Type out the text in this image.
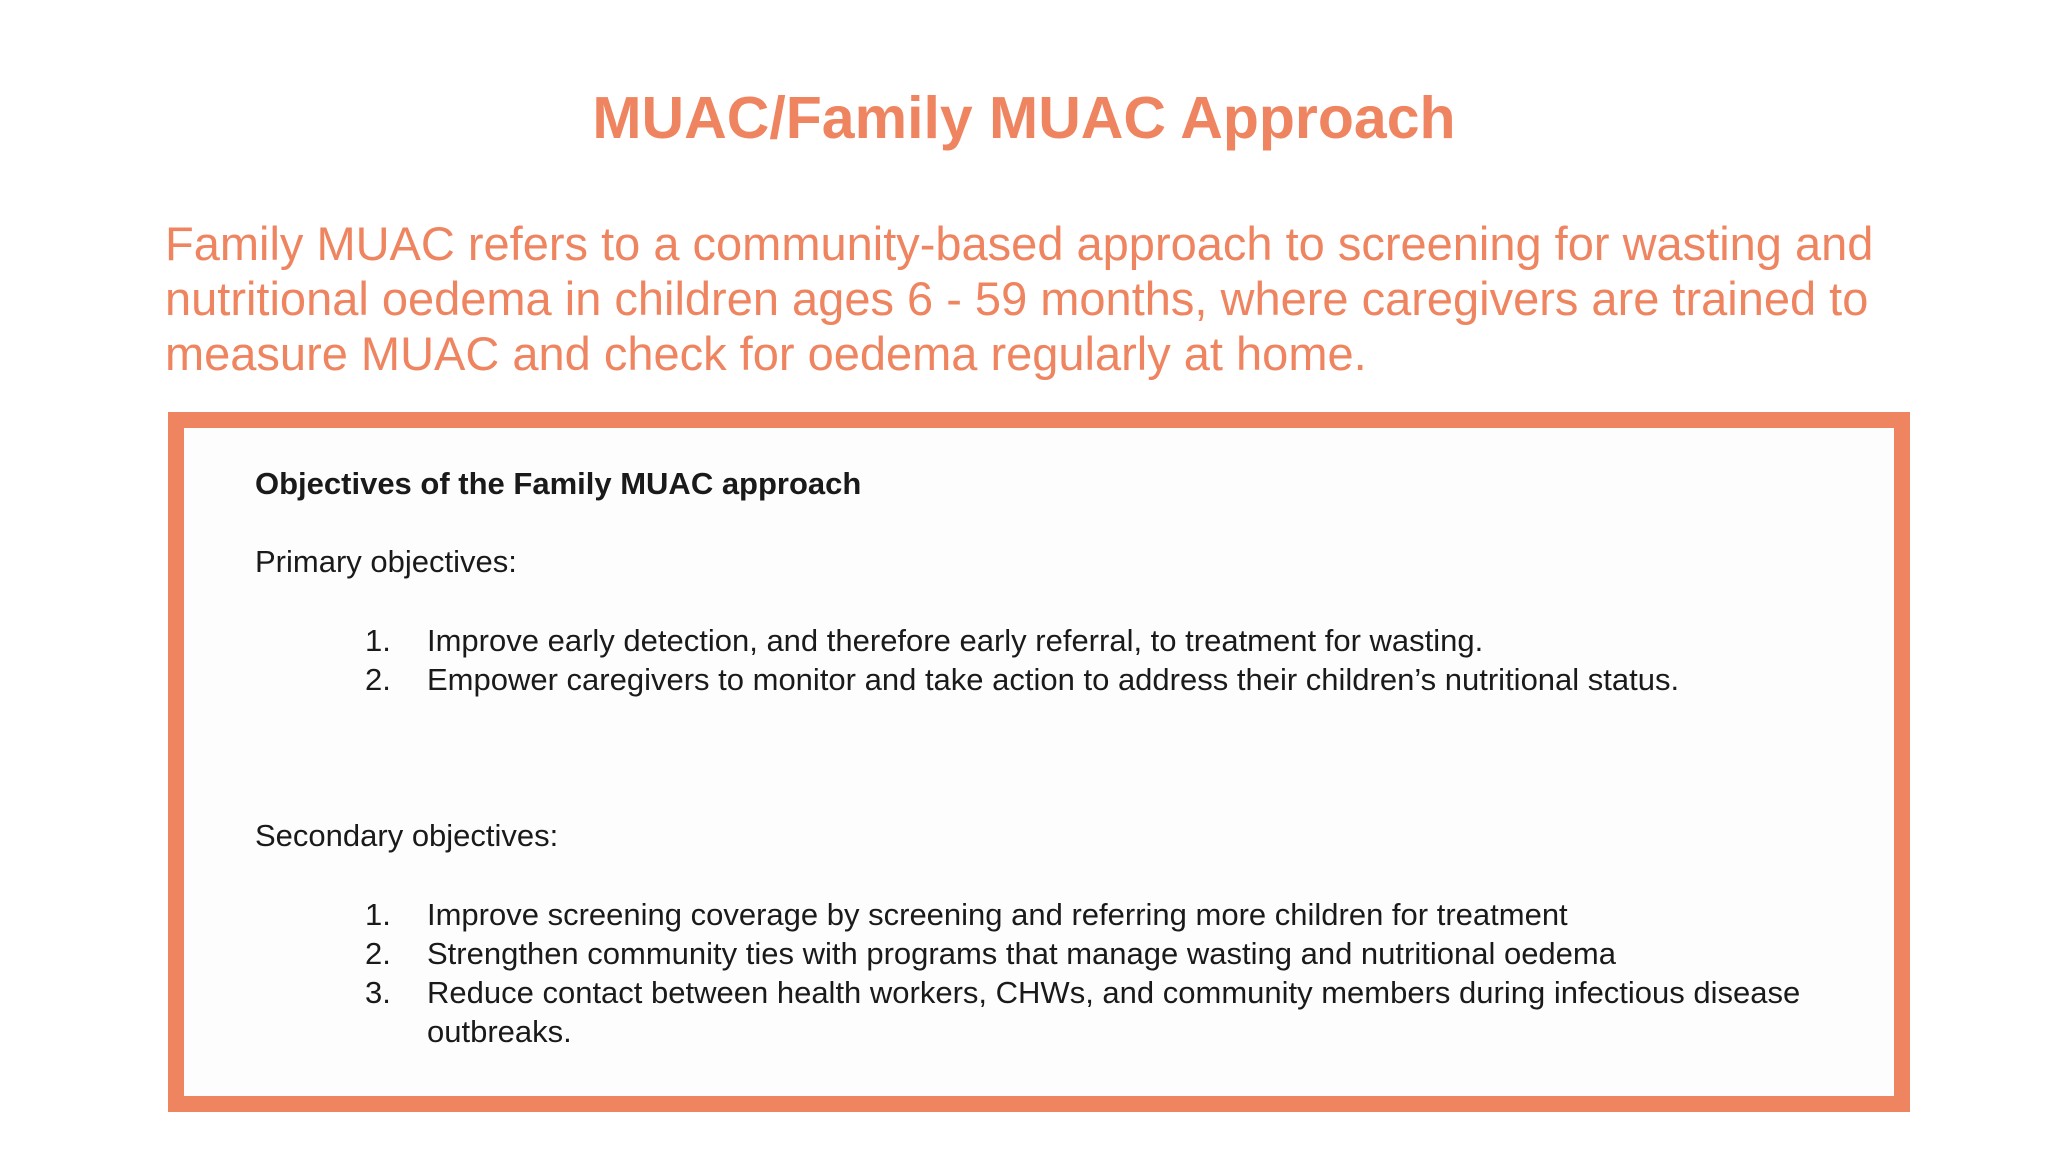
MUAC/Family MUAC Approach

Family MUAC refers to a community-based approach to screening for wasting and nutritional oedema in children ages 6 - 59 months, where caregivers are trained to measure MUAC and check for oedema regularly at home.

Objectives of the Family MUAC approach
Primary objectives:
1. Improve early detection, and therefore early referral, to treatment for wasting.
2. Empower caregivers to monitor and take action to address their children’s nutritional status.
Secondary objectives:
1. Improve screening coverage by screening and referring more children for treatment
2. Strengthen community ties with programs that manage wasting and nutritional oedema
3. Reduce contact between health workers, CHWs, and community members during infectious disease outbreaks.
